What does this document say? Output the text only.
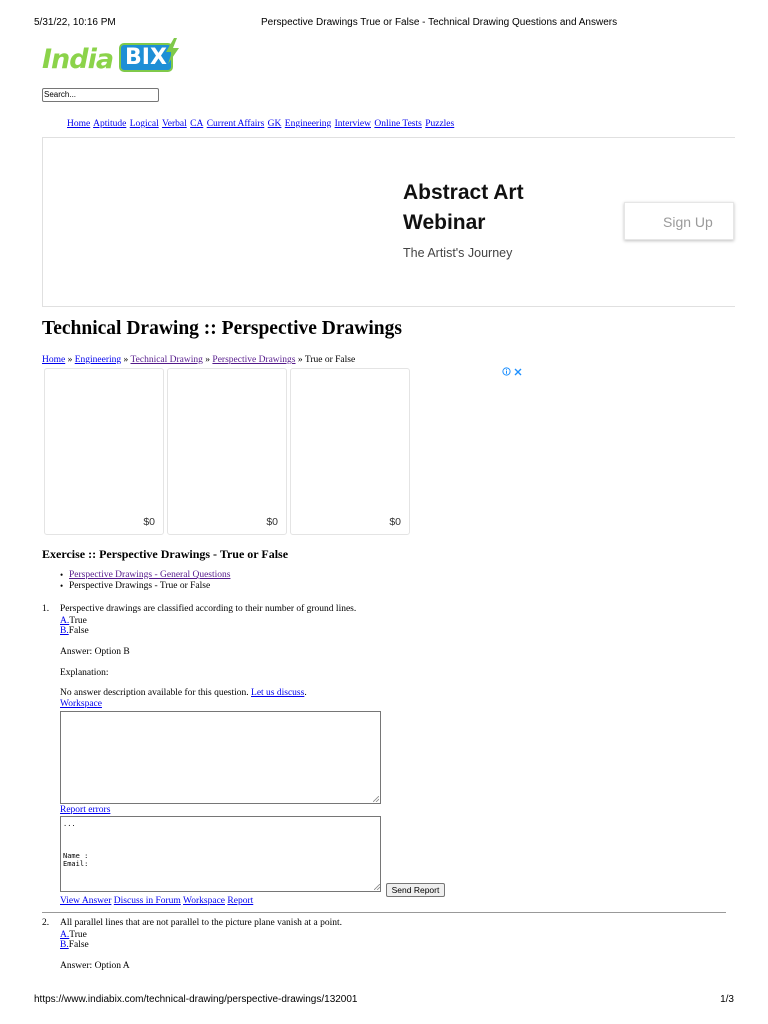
5/31/22, 10:16 PM	Perspective Drawings True or False - Technical Drawing Questions and Answers
India BIX
Search...
Home Aptitude Logical Verbal CA Current Affairs GK Engineering Interview Online Tests Puzzles
Abstract Art
Webinar
The Artist's Journey
Sign Up
Technical Drawing :: Perspective Drawings
Home » Engineering » Technical Drawing » Perspective Drawings » True or False
$0	$0	$0
Exercise :: Perspective Drawings - True or False
• Perspective Drawings - General Questions
• Perspective Drawings - True or False
1. Perspective drawings are classified according to their number of ground lines.
A.True
B.False
Answer: Option B
Explanation:
No answer description available for this question. Let us discuss.
Workspace
Report errors
...

Name :
Email:
Send Report
View Answer Discuss in Forum Workspace Report
2. All parallel lines that are not parallel to the picture plane vanish at a point.
A.True
B.False
Answer: Option A
https://www.indiabix.com/technical-drawing/perspective-drawings/132001	1/3
